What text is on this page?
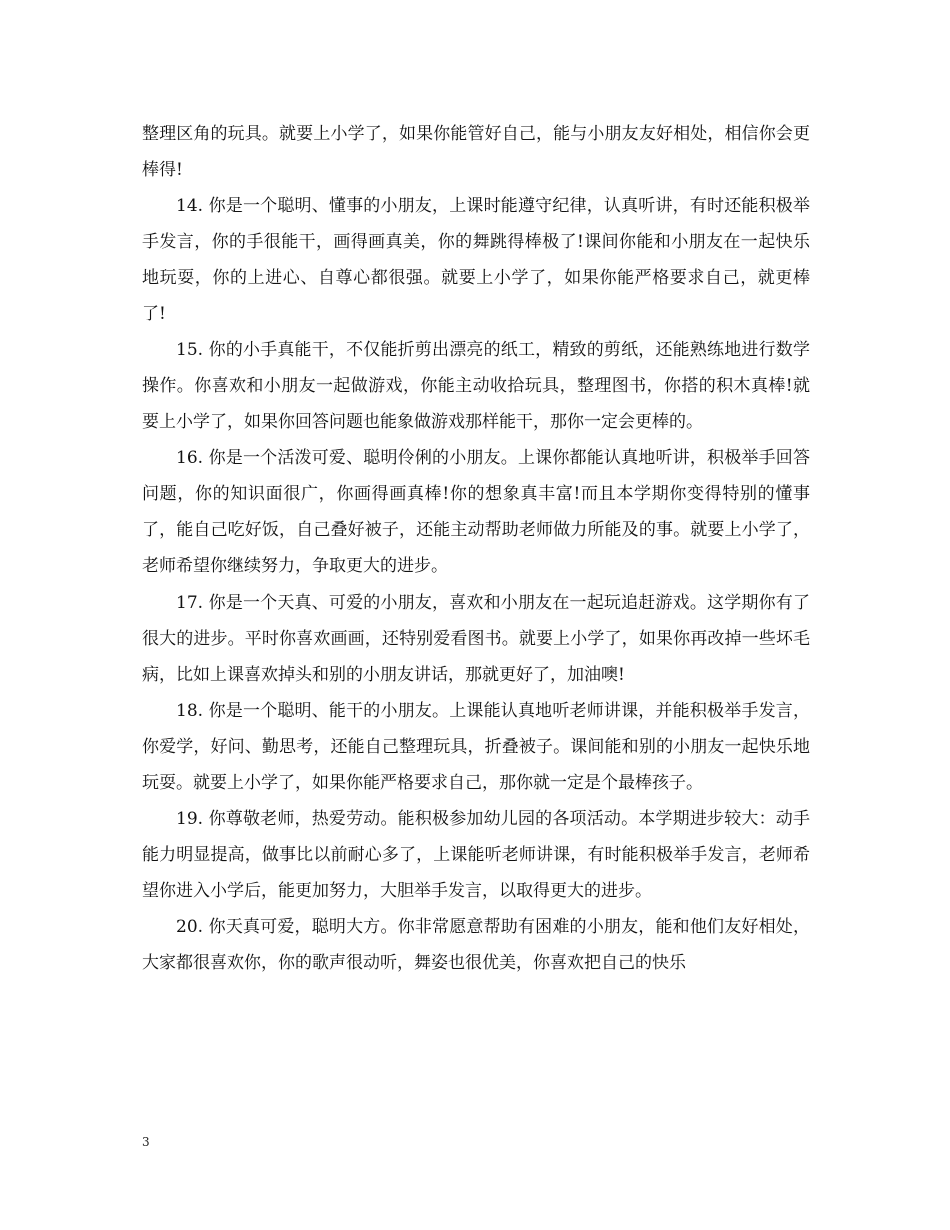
整理区角的玩具。就要上小学了，如果你能管好自己，能与小朋友友好相处，相信你会更棒得!

14. 你是一个聪明、懂事的小朋友，上课时能遵守纪律，认真听讲，有时还能积极举手发言，你的手很能干，画得画真美，你的舞跳得棒极了!课间你能和小朋友在一起快乐地玩耍，你的上进心、自尊心都很强。就要上小学了，如果你能严格要求自己，就更棒了!

15. 你的小手真能干，不仅能折剪出漂亮的纸工，精致的剪纸，还能熟练地进行数学操作。你喜欢和小朋友一起做游戏，你能主动收拾玩具，整理图书，你搭的积木真棒!就要上小学了，如果你回答问题也能象做游戏那样能干，那你一定会更棒的。

16. 你是一个活泼可爱、聪明伶俐的小朋友。上课你都能认真地听讲，积极举手回答问题，你的知识面很广，你画得画真棒!你的想象真丰富!而且本学期你变得特别的懂事了，能自己吃好饭，自己叠好被子，还能主动帮助老师做力所能及的事。就要上小学了，老师希望你继续努力，争取更大的进步。

17. 你是一个天真、可爱的小朋友，喜欢和小朋友在一起玩追赶游戏。这学期你有了很大的进步。平时你喜欢画画，还特别爱看图书。就要上小学了，如果你再改掉一些坏毛病，比如上课喜欢掉头和别的小朋友讲话，那就更好了，加油噢!

18. 你是一个聪明、能干的小朋友。上课能认真地听老师讲课，并能积极举手发言，你爱学，好问、勤思考，还能自己整理玩具，折叠被子。课间能和别的小朋友一起快乐地玩耍。就要上小学了，如果你能严格要求自己，那你就一定是个最棒孩子。

19. 你尊敬老师，热爱劳动。能积极参加幼儿园的各项活动。本学期进步较大：动手能力明显提高，做事比以前耐心多了，上课能听老师讲课，有时能积极举手发言，老师希望你进入小学后，能更加努力，大胆举手发言，以取得更大的进步。

20. 你天真可爱，聪明大方。你非常愿意帮助有困难的小朋友，能和他们友好相处，大家都很喜欢你，你的歌声很动听，舞姿也很优美，你喜欢把自己的快乐

3
